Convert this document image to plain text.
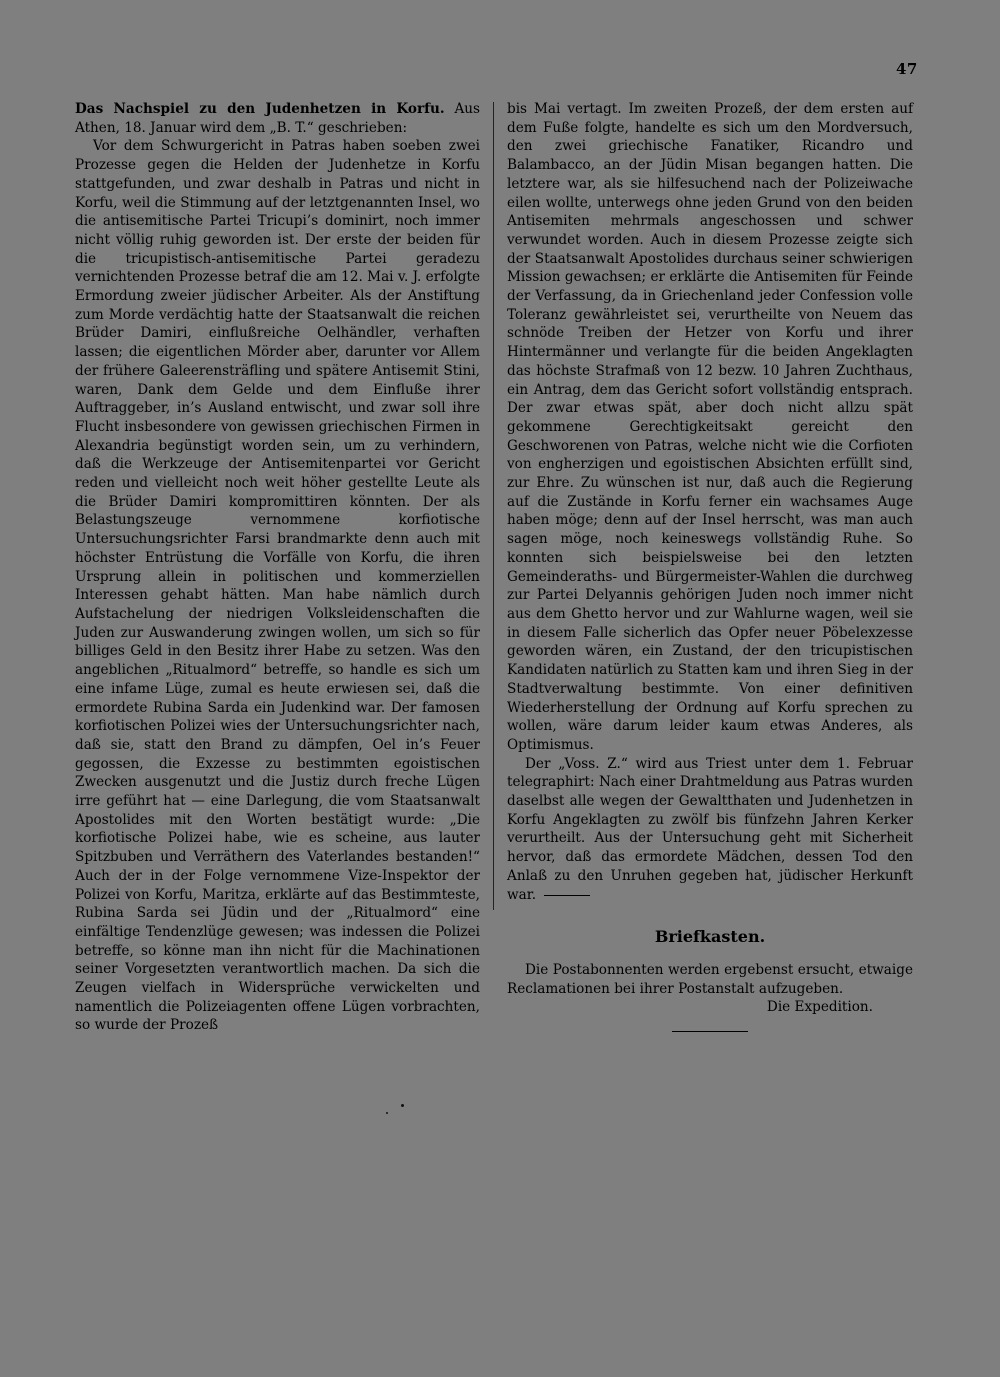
47

Das Nachspiel zu den Judenhetzen in Korfu. Aus Athen, 18. Januar wird dem „B. T.“ geschrieben:

Vor dem Schwurgericht in Patras haben soeben zwei Prozesse gegen die Helden der Judenhetze in Korfu stattgefunden, und zwar deshalb in Patras und nicht in Korfu, weil die Stimmung auf der letztgenannten Insel, wo die antisemitische Partei Tricupi’s dominirt, noch immer nicht völlig ruhig geworden ist. Der erste der beiden für die tricupistisch-antisemitische Partei geradezu vernichtenden Prozesse betraf die am 12. Mai v. J. erfolgte Ermordung zweier jüdischer Arbeiter. Als der Anstiftung zum Morde verdächtig hatte der Staatsanwalt die reichen Brüder Damiri, einflußreiche Oelhändler, verhaften lassen; die eigentlichen Mörder aber, darunter vor Allem der frühere Galeerensträfling und spätere Antisemit Stini, waren, Dank dem Gelde und dem Einfluße ihrer Auftraggeber, in’s Ausland entwischt, und zwar soll ihre Flucht insbesondere von gewissen griechischen Firmen in Alexandria begünstigt worden sein, um zu verhindern, daß die Werkzeuge der Antisemitenpartei vor Gericht reden und vielleicht noch weit höher gestellte Leute als die Brüder Damiri kompromittiren könnten. Der als Belastungszeuge vernommene korfiotische Untersuchungsrichter Farsi brandmarkte denn auch mit höchster Entrüstung die Vorfälle von Korfu, die ihren Ursprung allein in politischen und kommerziellen Interessen gehabt hätten. Man habe nämlich durch Aufstachelung der niedrigen Volksleidenschaften die Juden zur Auswanderung zwingen wollen, um sich so für billiges Geld in den Besitz ihrer Habe zu setzen. Was den angeblichen „Ritualmord“ betreffe, so handle es sich um eine infame Lüge, zumal es heute erwiesen sei, daß die ermordete Rubina Sarda ein Judenkind war. Der famosen korfiotischen Polizei wies der Untersuchungsrichter nach, daß sie, statt den Brand zu dämpfen, Oel in’s Feuer gegossen, die Exzesse zu bestimmten egoistischen Zwecken ausgenutzt und die Justiz durch freche Lügen irre geführt hat — eine Darlegung, die vom Staatsanwalt Apostolides mit den Worten bestätigt wurde: „Die korfiotische Polizei habe, wie es scheine, aus lauter Spitzbuben und Verräthern des Vaterlandes bestanden!“ Auch der in der Folge vernommene Vize-Inspektor der Polizei von Korfu, Maritza, erklärte auf das Bestimmteste, Rubina Sarda sei Jüdin und der „Ritualmord“ eine einfältige Tendenzlüge gewesen; was indessen die Polizei betreffe, so könne man ihn nicht für die Machinationen seiner Vorgesetzten verantwortlich machen. Da sich die Zeugen vielfach in Widersprüche verwickelten und namentlich die Polizeiagenten offene Lügen vorbrachten, so wurde der Prozeß

bis Mai vertagt. Im zweiten Prozeß, der dem ersten auf dem Fuße folgte, handelte es sich um den Mordversuch, den zwei griechische Fanatiker, Ricandro und Balambacco, an der Jüdin Misan begangen hatten. Die letztere war, als sie hilfesuchend nach der Polizeiwache eilen wollte, unterwegs ohne jeden Grund von den beiden Antisemiten mehrmals angeschossen und schwer verwundet worden. Auch in diesem Prozesse zeigte sich der Staatsanwalt Apostolides durchaus seiner schwierigen Mission gewachsen; er erklärte die Antisemiten für Feinde der Verfassung, da in Griechenland jeder Confession volle Toleranz gewährleistet sei, verurtheilte von Neuem das schnöde Treiben der Hetzer von Korfu und ihrer Hintermänner und verlangte für die beiden Angeklagten das höchste Strafmaß von 12 bezw. 10 Jahren Zuchthaus, ein Antrag, dem das Gericht sofort vollständig entsprach. Der zwar etwas spät, aber doch nicht allzu spät gekommene Gerechtigkeitsakt gereicht den Geschworenen von Patras, welche nicht wie die Corfioten von engherzigen und egoistischen Absichten erfüllt sind, zur Ehre. Zu wünschen ist nur, daß auch die Regierung auf die Zustände in Korfu ferner ein wachsames Auge haben möge; denn auf der Insel herrscht, was man auch sagen möge, noch keineswegs vollständig Ruhe. So konnten sich beispielsweise bei den letzten Gemeinderaths- und Bürgermeister-Wahlen die durchweg zur Partei Delyannis gehörigen Juden noch immer nicht aus dem Ghetto hervor und zur Wahlurne wagen, weil sie in diesem Falle sicherlich das Opfer neuer Pöbelexzesse geworden wären, ein Zustand, der den tricupistischen Kandidaten natürlich zu Statten kam und ihren Sieg in der Stadtverwaltung bestimmte. Von einer definitiven Wiederherstellung der Ordnung auf Korfu sprechen zu wollen, wäre darum leider kaum etwas Anderes, als Optimismus.

Der „Voss. Z.“ wird aus Triest unter dem 1. Februar telegraphirt: Nach einer Drahtmeldung aus Patras wurden daselbst alle wegen der Gewaltthaten und Judenhetzen in Korfu Angeklagten zu zwölf bis fünfzehn Jahren Kerker verurtheilt. Aus der Untersuchung geht mit Sicherheit hervor, daß das ermordete Mädchen, dessen Tod den Anlaß zu den Unruhen gegeben hat, jüdischer Herkunft war.

Briefkasten.

Die Postabonnenten werden ergebenst ersucht, etwaige Reclamationen bei ihrer Postanstalt aufzugeben.

Die Expedition.
